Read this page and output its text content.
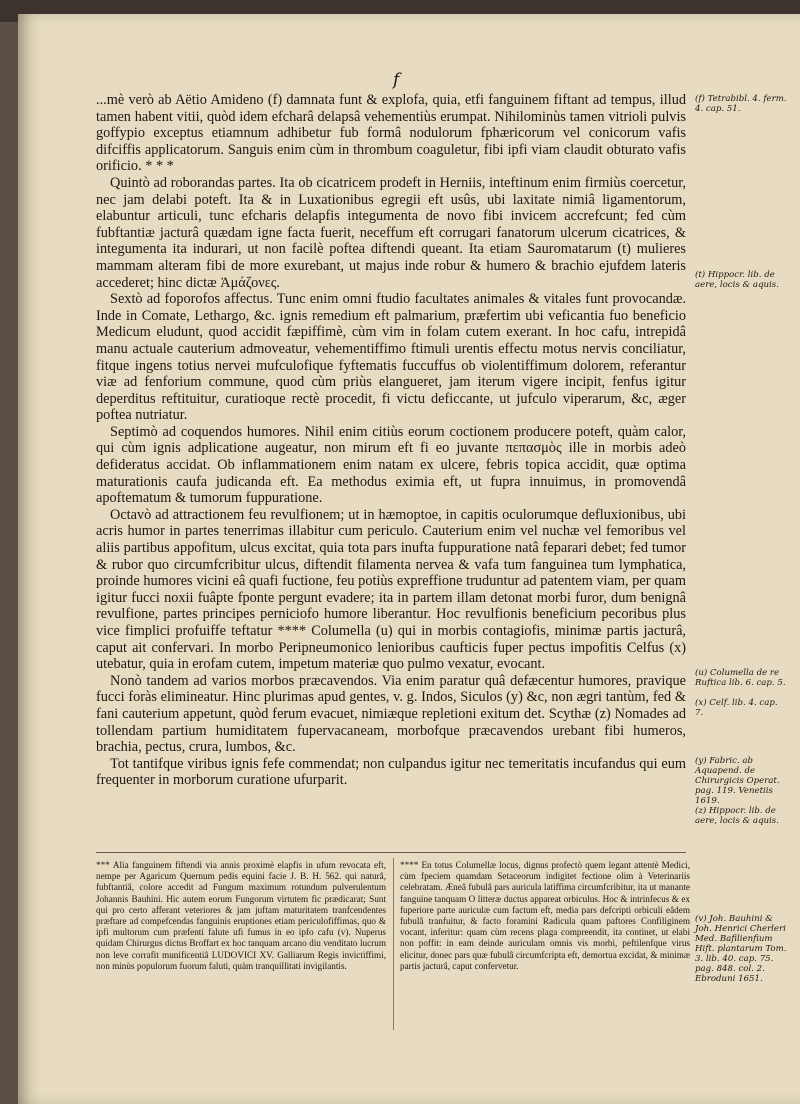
f

...mè verò ab Aëtio Amideno (f) damnata funt & explofa, quia, etfi fanguinem fiftant ad tempus, illud tamen habent vitii, quòd idem efcharâ delapsâ vehementiùs erumpat. Nihilominùs tamen vitrioli pulvis goffypio exceptus etiamnum adhibetur fub formâ nodulorum fphæricorum vel conicorum vafis difciffis applicatorum. Sanguis enim cùm in thrombum coaguletur, fibi ipfi viam claudit obturato vafis orificio. * * *

Quintò ad roborandas partes. Ita ob cicatricem prodeft in Herniis, inteftinum enim firmiùs coercetur, nec jam delabi poteft. Ita & in Luxationibus egregii eft usûs, ubi laxitate nimiâ ligamentorum, elabuntur articuli, tunc efcharis delapfis integumenta de novo fibi invicem accrefcunt; fed cùm fubftantiæ jacturâ quædam igne facta fuerit, neceffum eft corrugari fanatorum ulcerum cicatrices, & integumenta ita indurari, ut non facilè poftea diftendi queant. Ita etiam Sauromatarum (t) mulieres mammam alteram fibi de more exurebant, ut majus inde robur & humero & brachio ejufdem lateris accederet; hinc dictæ Ἀμάζονες.

Sextò ad foporofos affectus. Tunc enim omni ftudio facultates animales & vitales funt provocandæ. Inde in Comate, Lethargo, &c. ignis remedium eft palmarium, præfertim ubi veficantia fuo beneficio Medicum eludunt, quod accidit fæpiffimè, cùm vim in folam cutem exerant. In hoc cafu, intrepidâ manu actuale cauterium admoveatur, vehementiffimo ftimuli urentis effectu motus nervis conciliatur, fitque ingens totius nervei mufculofique fyftematis fuccuffus ob violentiffimum dolorem, referantur viæ ad fenforium commune, quod cùm priùs elangueret, jam iterum vigere incipit, fenfus igitur deperditus reftituitur, curatioque rectè procedit, fi victu deficcante, ut jufculo viperarum, &c, æger poftea nutriatur.

Septimò ad coquendos humores. Nihil enim citiùs eorum coctionem producere poteft, quàm calor, qui cùm ignis adplicatione augeatur, non mirum eft fi eo juvante πεπασμὸς ille in morbis adeò defideratus accidat. Ob inflammationem enim natam ex ulcere, febris topica accidit, quæ optima maturationis caufa judicanda eft. Ea methodus eximia eft, ut fupra innuimus, in promovendâ apoftematum & tumorum fuppuratione.

Octavò ad attractionem feu revulfionem; ut in hæmoptoe, in capitis oculorumque defluxionibus, ubi acris humor in partes tenerrimas illabitur cum periculo. Cauterium enim vel nuchæ vel femoribus vel aliis partibus appofitum, ulcus excitat, quia tota pars inufta fuppuratione natâ feparari debet; fed tumor & rubor quo circumfcribitur ulcus, diftendit filamenta nervea & vafa tum fanguinea tum lymphatica, proinde humores vicini eâ quafi fuctione, feu potiùs expreffione truduntur ad patentem viam, per quam igitur fucci noxii fuâpte fponte pergunt evadere; ita in partem illam detonat morbi furor, dum benignâ revulfione, partes principes perniciofo humore liberantur. Hoc revulfionis beneficium pecoribus plus vice fimplici profuiffe teftatur **** Columella (u) qui in morbis contagiofis, minimæ partis jacturâ, caput ait confervari. In morbo Peripneumonico lenioribus caufticis fuper pectus impofitis Celfus (x) utebatur, quia in erofam cutem, impetum materiæ quo pulmo vexatur, evocant.

Nonò tandem ad varios morbos præcavendos. Via enim paratur quâ defæcentur humores, pravique fucci foràs elimineatur. Hinc plurimas apud gentes, v. g. Indos, Siculos (y) &c, non ægri tantùm, fed & fani cauterium appetunt, quòd ferum evacuet, nimiæque repletioni exitum det. Scythæ (z) Nomades ad tollendam partium humiditatem fupervacaneam, morbofque præcavendos urebant fibi humeros, brachia, pectus, crura, lumbos, &c.

Tot tantifque viribus ignis fefe commendat; non culpandus igitur nec temeritatis incufandus qui eum frequenter in morborum curatione ufurparit.

(f) Tetrabibl. 4. ferm. 4. cap. 51.
(t) Hippocr. lib. de aere, locis & aquis.
(u) Columella de re Ruftica lib. 6. cap. 5.
(x) Celf. lib. 4. cap. 7.
(y) Fabric. ab Aquapend. de Chirurgicis Operat. pag. 119. Venetiis 1619.
(z) Hippocr. lib. de aere, locis & aquis.
(v) Joh. Bauhini & Joh. Henrici Cherleri Med. Bafilienfium Hift. plantarum Tom. 3. lib. 40. cap. 75. pag. 848. col. 2. Ebroduni 1651.

*** Alia fanguinem fiftendi via annis proximè elapfis in ufum revocata eft, nempe per Agaricum Quernum pedis equini facie J. B. H. 562. qui naturâ, fubftantiâ, colore accedit ad Fungum maximum rotundum pulverulentum Johannis Bauhini. Hic autem eorum Fungorum virtutem fic prædicarat; Sunt qui pro certo afferant veteriores & jam juftam maturitatem tranfcendentes præftare ad compefcendas fanguinis eruptiones etiam periculofiffimas, quo & ipfi multorum cum præfenti falute ufi fumus in eo ipfo cafu (v). Nuperus quidam Chirurgus dictus Broffart ex hoc tanquam arcano diu venditato lucrum non leve corrafit munificentiâ LUDOVICI XV. Galliarum Regis invictiffimi, non minùs populorum fuorum faluti, quàm tranquillitati invigilantis.

**** En totus Columellæ locus, dignus profectò quem legant attentè Medici, cùm fpeciem quamdam Setaceorum indigitet fectione olim à Veterinariis celebratam. Æneâ fubulâ pars auricula latiffima circumfcribitur, ita ut manante fanguine tanquam O litteræ ductus appareat orbiculus. Hoc & intrinfecus & ex fuperiore parte auriculæ cum factum eft, media pars defcripti orbiculi eâdem fubulâ tranfuitur, & facto foramini Radicula quam paftores Confiliginem vocant, inferitur: quam cùm recens plaga compreendit, ita continet, ut elabi non poffit: in eam deinde auriculam omnis vis morbi, peftilenfque virus elicitur, donec pars quæ fubulâ circumfcripta eft, demortua excidat, & minimæ partis jacturâ, caput confervetur.
